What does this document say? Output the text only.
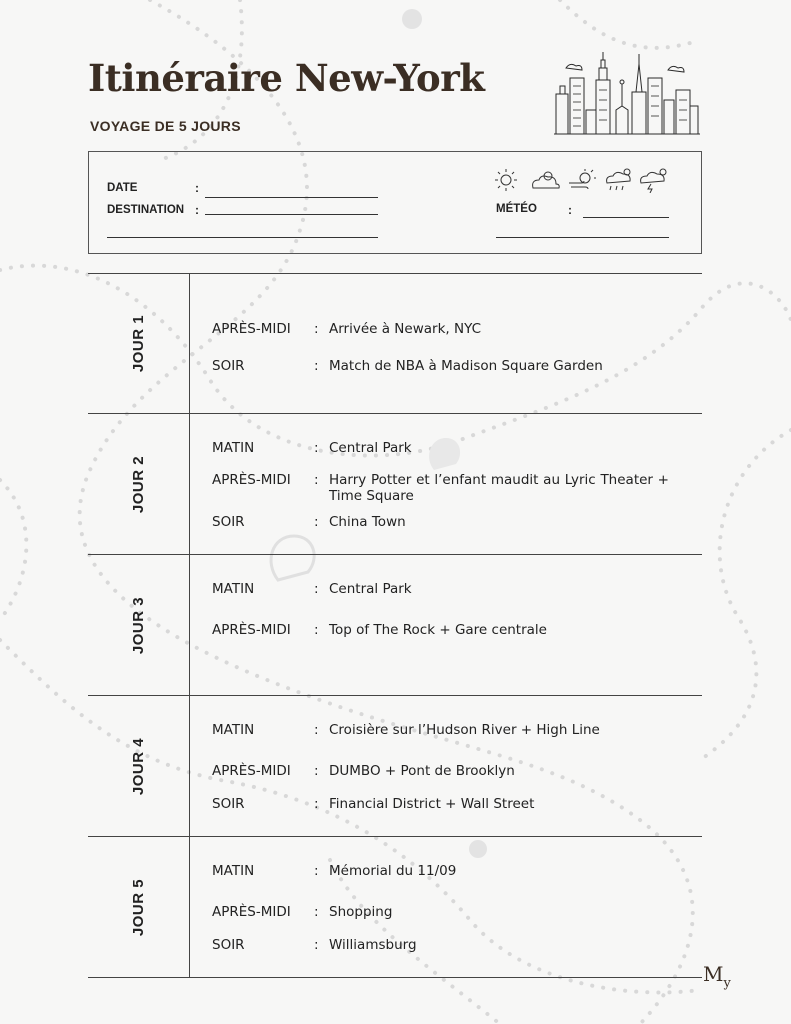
Itinéraire New-York
VOYAGE DE 5 JOURS
DATE	:
DESTINATION :	MÉTÉO	:
JOUR 1	APRÈS-MIDI : Arrivée à Newark, NYC
SOIR	: Match de NBA à Madison Square Garden
JOUR 2
MATIN	: Central Park
APRÈS-MIDI : Harry Potter et l’enfant maudit au Lyric Theater + Time Square
SOIR	: China Town
JOUR 3
MATIN	: Central Park
APRÈS-MIDI : Top of The Rock + Gare centrale
JOUR 4
MATIN	: Croisière sur l’Hudson River + High Line
APRÈS-MIDI : DUMBO + Pont de Brooklyn
SOIR	: Financial District + Wall Street
JOUR 5
MATIN	: Mémorial du 11/09
APRÈS-MIDI : Shopping
SOIR	: Williamsburg
$M_y$
